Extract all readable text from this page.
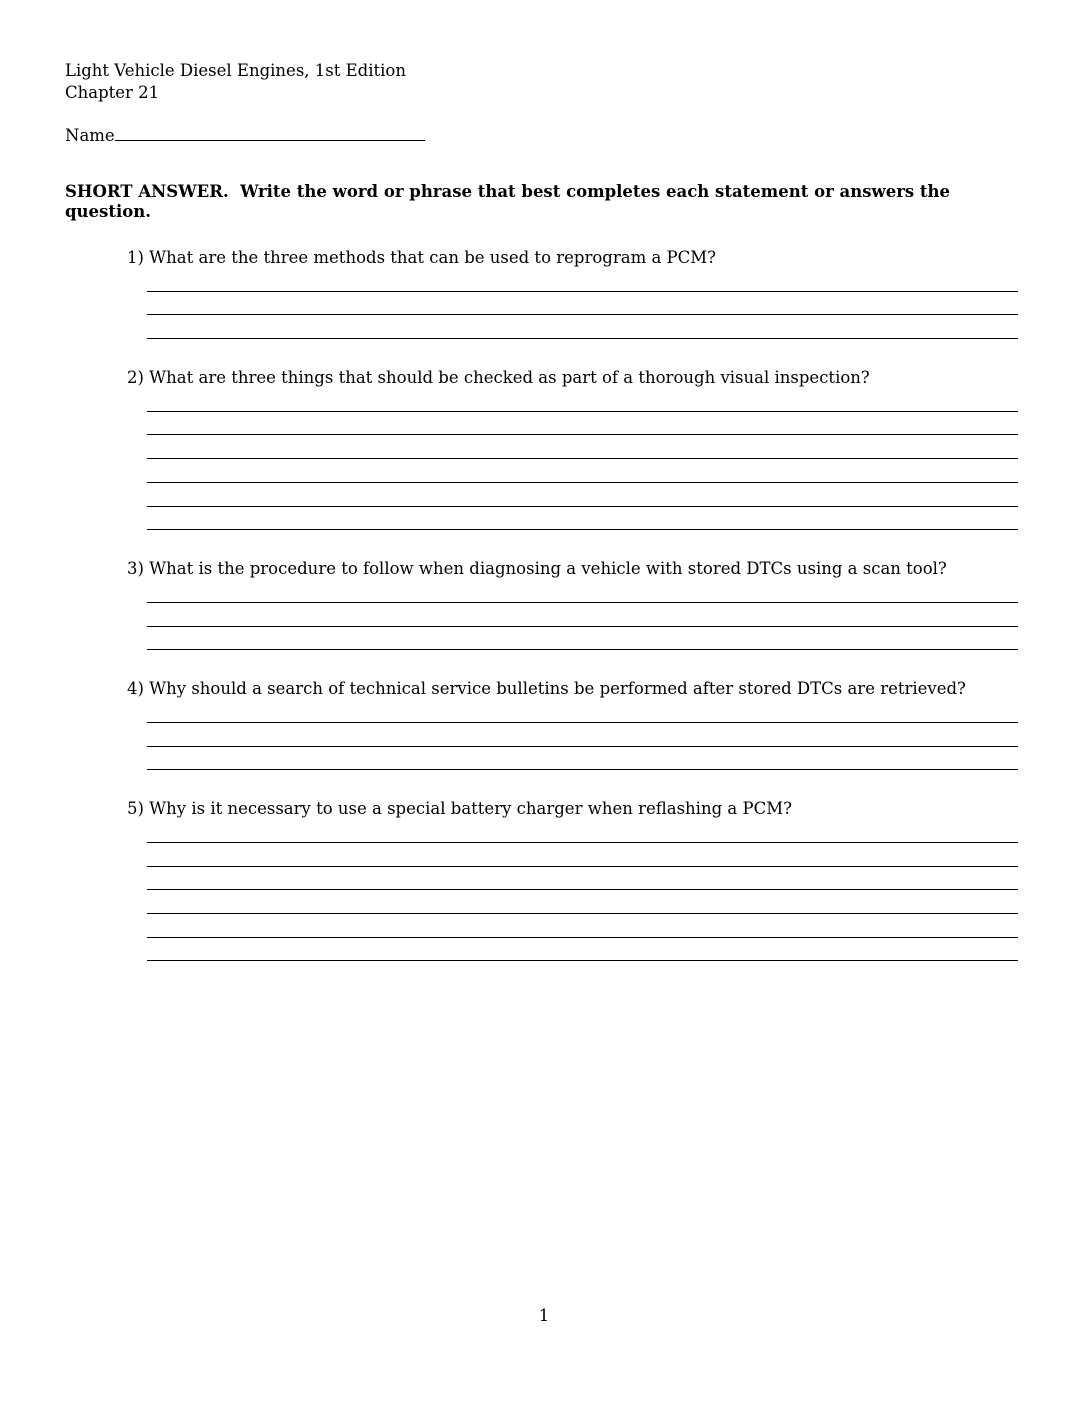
Light Vehicle Diesel Engines, 1st Edition
Chapter 21
Name
SHORT ANSWER.  Write the word or phrase that best completes each statement or answers the question.
1) What are the three methods that can be used to reprogram a PCM?
2) What are three things that should be checked as part of a thorough visual inspection?
3) What is the procedure to follow when diagnosing a vehicle with stored DTCs using a scan tool?
4) Why should a search of technical service bulletins be performed after stored DTCs are retrieved?
5) Why is it necessary to use a special battery charger when reflashing a PCM?
1
